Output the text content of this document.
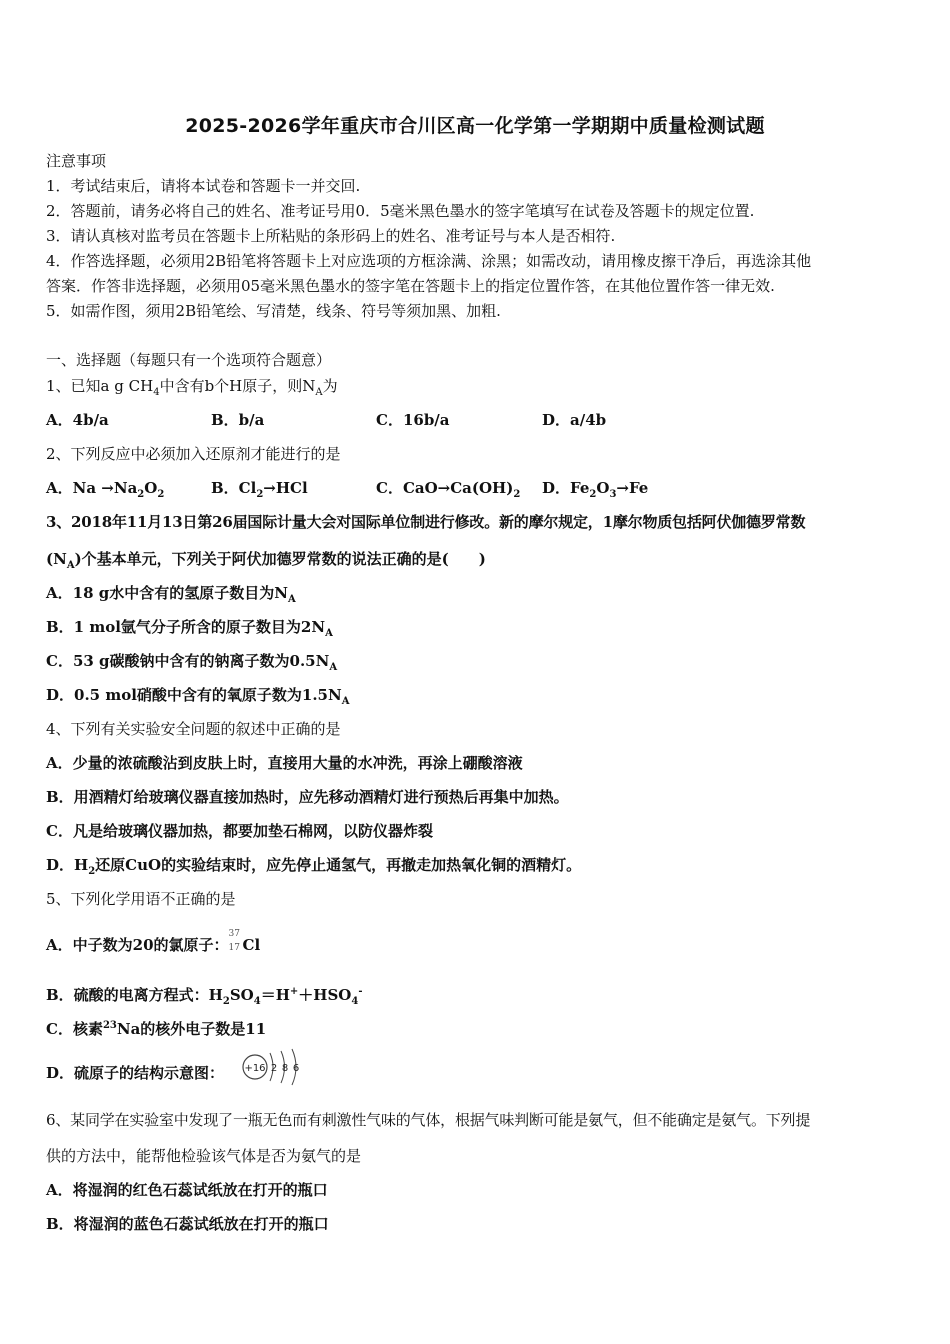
2025-2026学年重庆市合川区高一化学第一学期期中质量检测试题
注意事项
1．考试结束后，请将本试卷和答题卡一并交回.
2．答题前，请务必将自己的姓名、准考证号用0．5毫米黑色墨水的签字笔填写在试卷及答题卡的规定位置.
3．请认真核对监考员在答题卡上所粘贴的条形码上的姓名、准考证号与本人是否相符.
4．作答选择题，必须用2B铅笔将答题卡上对应选项的方框涂满、涂黑；如需改动，请用橡皮擦干净后，再选涂其他
答案．作答非选择题，必须用05毫米黑色墨水的签字笔在答题卡上的指定位置作答，在其他位置作答一律无效.
5．如需作图，须用2B铅笔绘、写清楚，线条、符号等须加黑、加粗.
一、选择题（每题只有一个选项符合题意）
1、已知a g $CH_4$中含有b个H原子，则$N_A$为
A．4b/a	B．b/a	C．16b/a	D．a/4b
2、下列反应中必须加入还原剂才能进行的是
A．$Na \to Na_2O_2$	B．$Cl_2\to HCl$	C．$CaO\to Ca(OH)_2$ D．$Fe_2O_3\to Fe$
3、2018年11月13日第26届国际计量大会对国际单位制进行修改。新的摩尔规定，1摩尔物质包括阿伏伽德罗常数
$(N_A)$个基本单元，下列关于阿伏加德罗常数的说法正确的是(　　)
A．18 g水中含有的氢原子数目为$N_A$
B．1 mol氩气分子所含的原子数目为$2N_A$
C．53 g碳酸钠中含有的钠离子数为$0.5N_A$
D．0.5 mol硝酸中含有的氧原子数为$1.5N_A$
4、下列有关实验安全问题的叙述中正确的是
A．少量的浓硫酸沾到皮肤上时，直接用大量的水冲洗，再涂上硼酸溶液
B．用酒精灯给玻璃仪器直接加热时，应先移动酒精灯进行预热后再集中加热。
C．凡是给玻璃仪器加热，都要加垫石棉网，以防仪器炸裂
D．$H_2$还原CuO的实验结束时，应先停止通氢气，再撤走加热氧化铜的酒精灯。
5、下列化学用语不正确的是
A．中子数为20的氯原子：
37
17 Cl
B．硫酸的电离方程式：$H_2SO_4=H^++HSO_4^-$
C．核素$^{23}$Na的核外电子数是11
D．硫原子的结构示意图： +16 2 8 6
6、某同学在实验室中发现了一瓶无色而有刺激性气味的气体，根据气味判断可能是氨气，但不能确定是氨气。下列提
供的方法中，能帮他检验该气体是否为氨气的是
A．将湿润的红色石蕊试纸放在打开的瓶口
B．将湿润的蓝色石蕊试纸放在打开的瓶口
